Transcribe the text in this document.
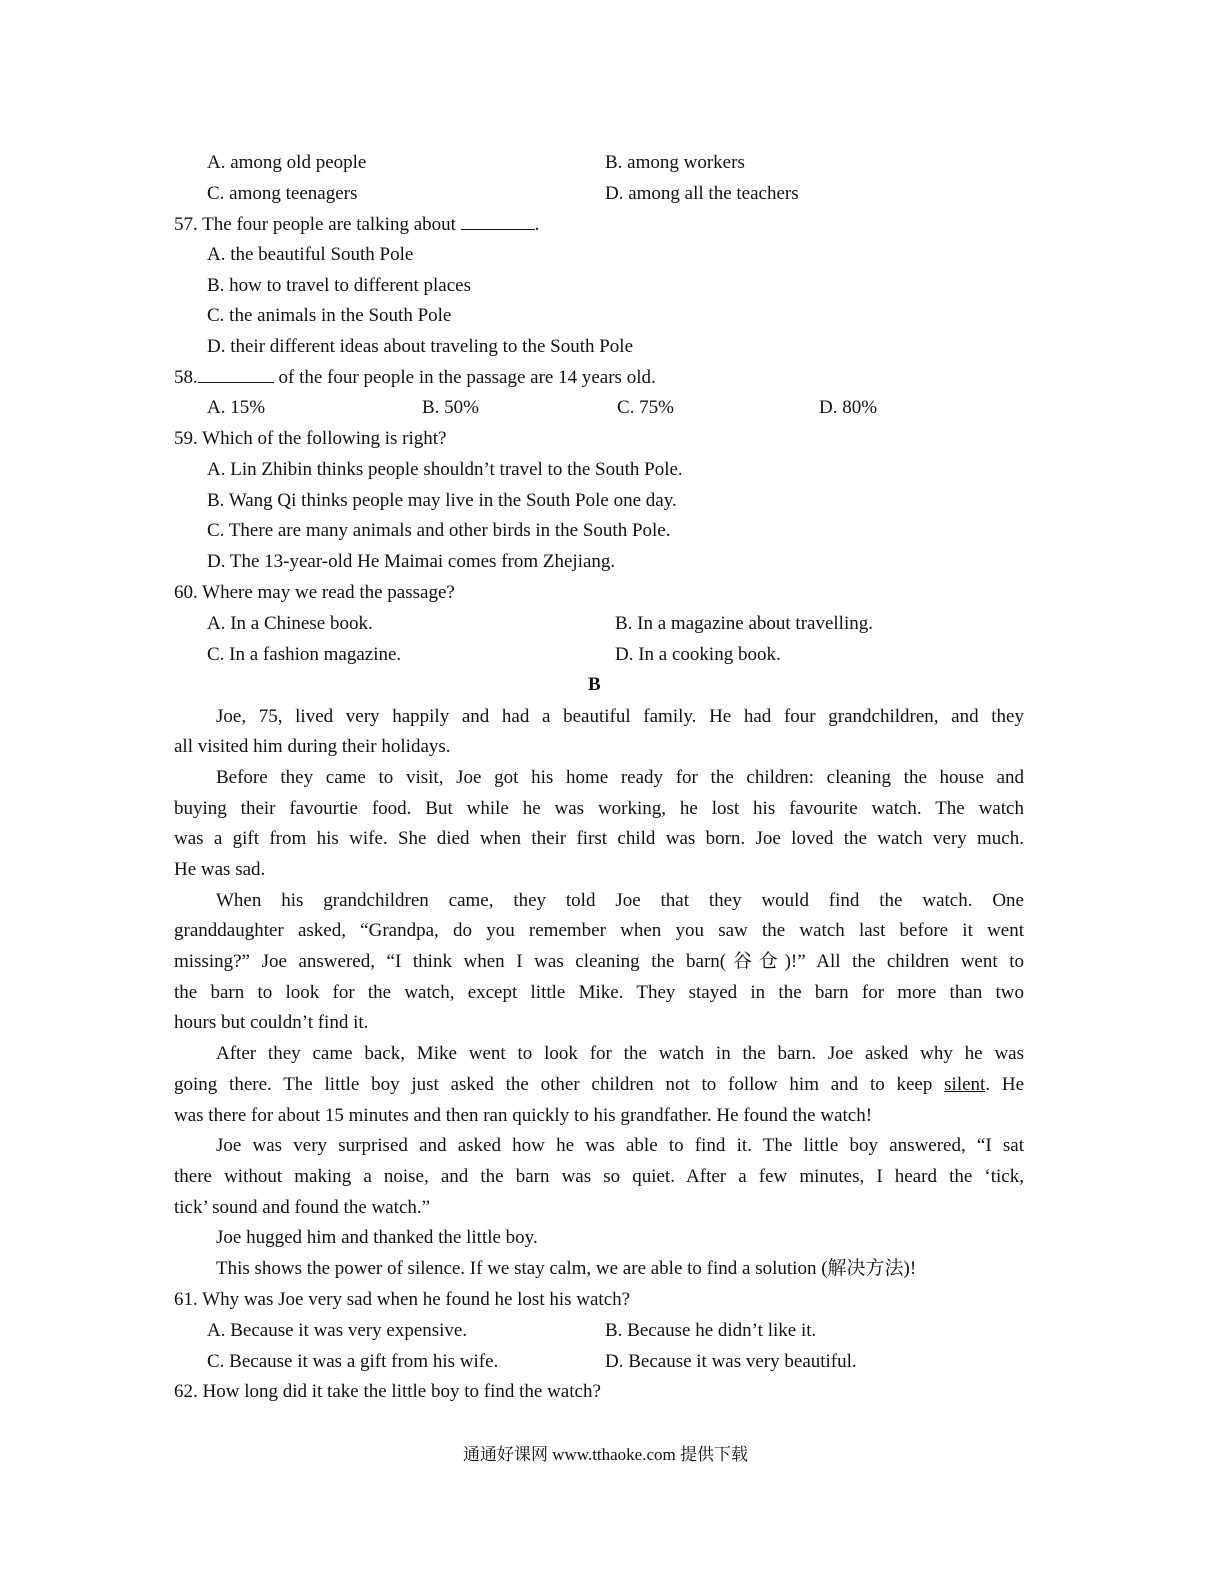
A. among old people	B. among workers
C. among teenagers	D. among all the teachers
57. The four people are talking about	.
A. the beautiful South Pole
B. how to travel to different places
C. the animals in the South Pole
D. their different ideas about traveling to the South Pole
58.	of the four people in the passage are 14 years old.
A. 15%	B. 50%	C. 75%	D. 80%
59. Which of the following is right?
A. Lin Zhibin thinks people shouldn’t travel to the South Pole.
B. Wang Qi thinks people may live in the South Pole one day.
C. There are many animals and other birds in the South Pole.
D. The 13-year-old He Maimai comes from Zhejiang.
60. Where may we read the passage?
A. In a Chinese book.	B. In a magazine about travelling.
C. In a fashion magazine.	D. In a cooking book.
B
Joe, 75, lived very happily and had a beautiful family. He had four grandchildren, and they
all visited him during their holidays.
Before they came to visit, Joe got his home ready for the children: cleaning the house and
buying their favourtie food. But while he was working, he lost his favourite watch. The watch
was a gift from his wife. She died when their first child was born. Joe loved the watch very much.
He was sad.
When his grandchildren came, they told Joe that they would find the watch. One
granddaughter asked, “Grandpa, do you remember when you saw the watch last before it went
missing?” Joe answered, “I think when I was cleaning the barn(谷仓)!” All the children went to
the barn to look for the watch, except little Mike. They stayed in the barn for more than two
hours but couldn’t find it.
After they came back, Mike went to look for the watch in the barn. Joe asked why he was
going there. The little boy just asked the other children not to follow him and to keep silent. He
was there for about 15 minutes and then ran quickly to his grandfather. He found the watch!
Joe was very surprised and asked how he was able to find it. The little boy answered, “I sat
there without making a noise, and the barn was so quiet. After a few minutes, I heard the ‘tick,
tick’ sound and found the watch.”
Joe hugged him and thanked the little boy.
This shows the power of silence. If we stay calm, we are able to find a solution (解决方法)!
61. Why was Joe very sad when he found he lost his watch?
A. Because it was very expensive.	B. Because he didn’t like it.
C. Because it was a gift from his wife.	D. Because it was very beautiful.
62. How long did it take the little boy to find the watch?
通通好课网 www.tthaoke.com 提供下载
